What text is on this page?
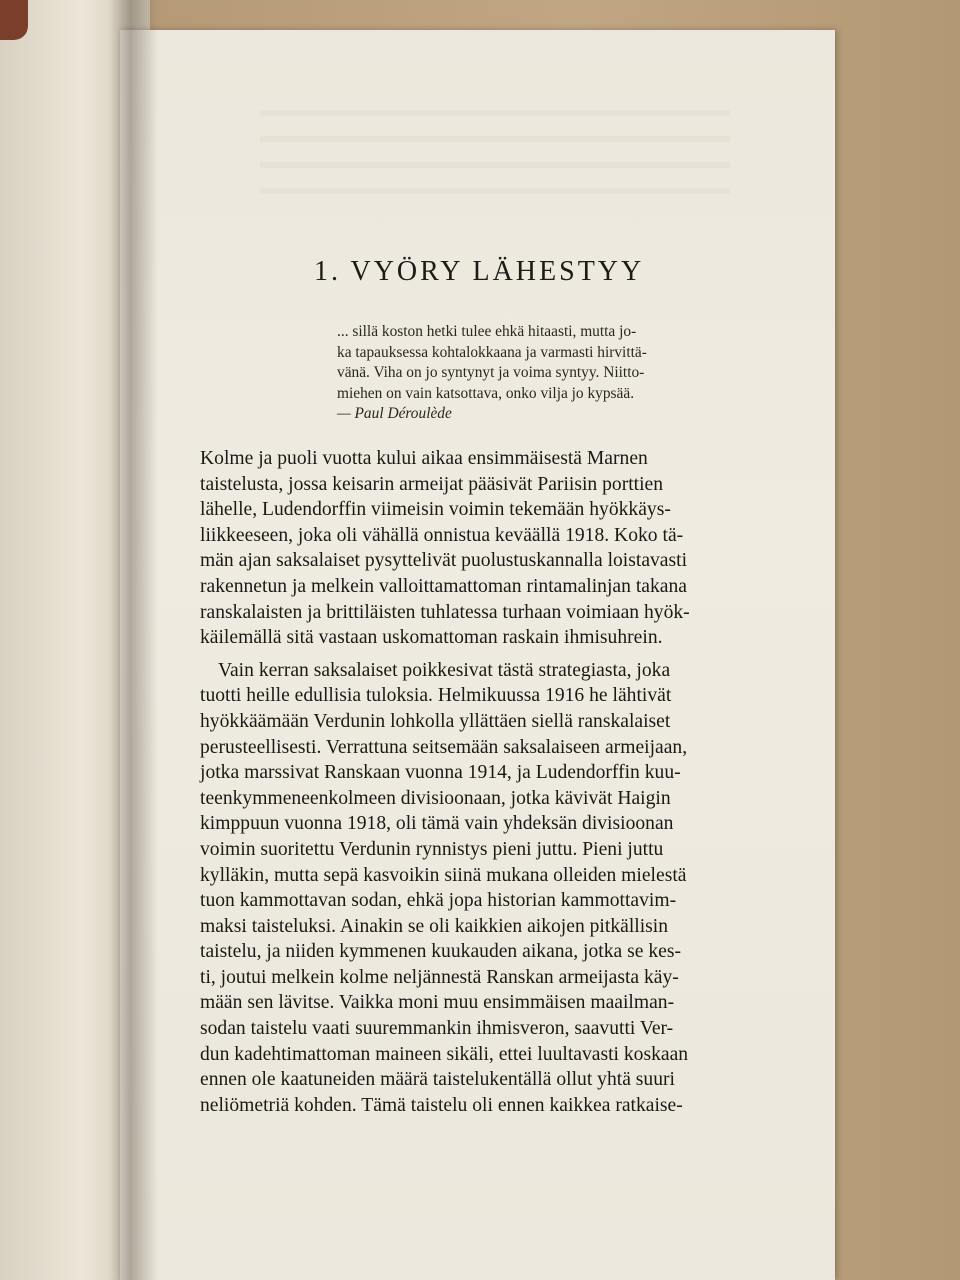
1. VYÖRY LÄHESTYY
... sillä koston hetki tulee ehkä hitaasti, mutta jo-
ka tapauksessa kohtalokkaana ja varmasti hirvittä-
vänä. Viha on jo syntynyt ja voima syntyy. Niitto-
miehen on vain katsottava, onko vilja jo kypsää.
— Paul Déroulède
Kolme ja puoli vuotta kului aikaa ensimmäisestä Marnen
taistelusta, jossa keisarin armeijat pääsivät Pariisin porttien
lähelle, Ludendorffin viimeisin voimin tekemään hyökkäys-
liikkeeseen, joka oli vähällä onnistua keväällä 1918. Koko tä-
män ajan saksalaiset pysyttelivät puolustuskannalla loistavasti
rakennetun ja melkein valloittamattoman rintamalinjan takana
ranskalaisten ja brittiläisten tuhlatessa turhaan voimiaan hyök-
käilemällä sitä vastaan uskomattoman raskain ihmisuhrein.
Vain kerran saksalaiset poikkesivat tästä strategiasta, joka
tuotti heille edullisia tuloksia. Helmikuussa 1916 he lähtivät
hyökkäämään Verdunin lohkolla yllättäen siellä ranskalaiset
perusteellisesti. Verrattuna seitsemään saksalaiseen armeijaan,
jotka marssivat Ranskaan vuonna 1914, ja Ludendorffin kuu-
teenkymmeneenkolmeen divisioonaan, jotka kävivät Haigin
kimppuun vuonna 1918, oli tämä vain yhdeksän divisioonan
voimin suoritettu Verdunin rynnistys pieni juttu. Pieni juttu
kylläkin, mutta sepä kasvoikin siinä mukana olleiden mielestä
tuon kammottavan sodan, ehkä jopa historian kammottavim-
maksi taisteluksi. Ainakin se oli kaikkien aikojen pitkällisin
taistelu, ja niiden kymmenen kuukauden aikana, jotka se kes-
ti, joutui melkein kolme neljännestä Ranskan armeijasta käy-
mään sen lävitse. Vaikka moni muu ensimmäisen maailman-
sodan taistelu vaati suuremmankin ihmisveron, saavutti Ver-
dun kadehtimattoman maineen sikäli, ettei luultavasti koskaan
ennen ole kaatuneiden määrä taistelukentällä ollut yhtä suuri
neliömetriä kohden. Tämä taistelu oli ennen kaikkea ratkaise-
